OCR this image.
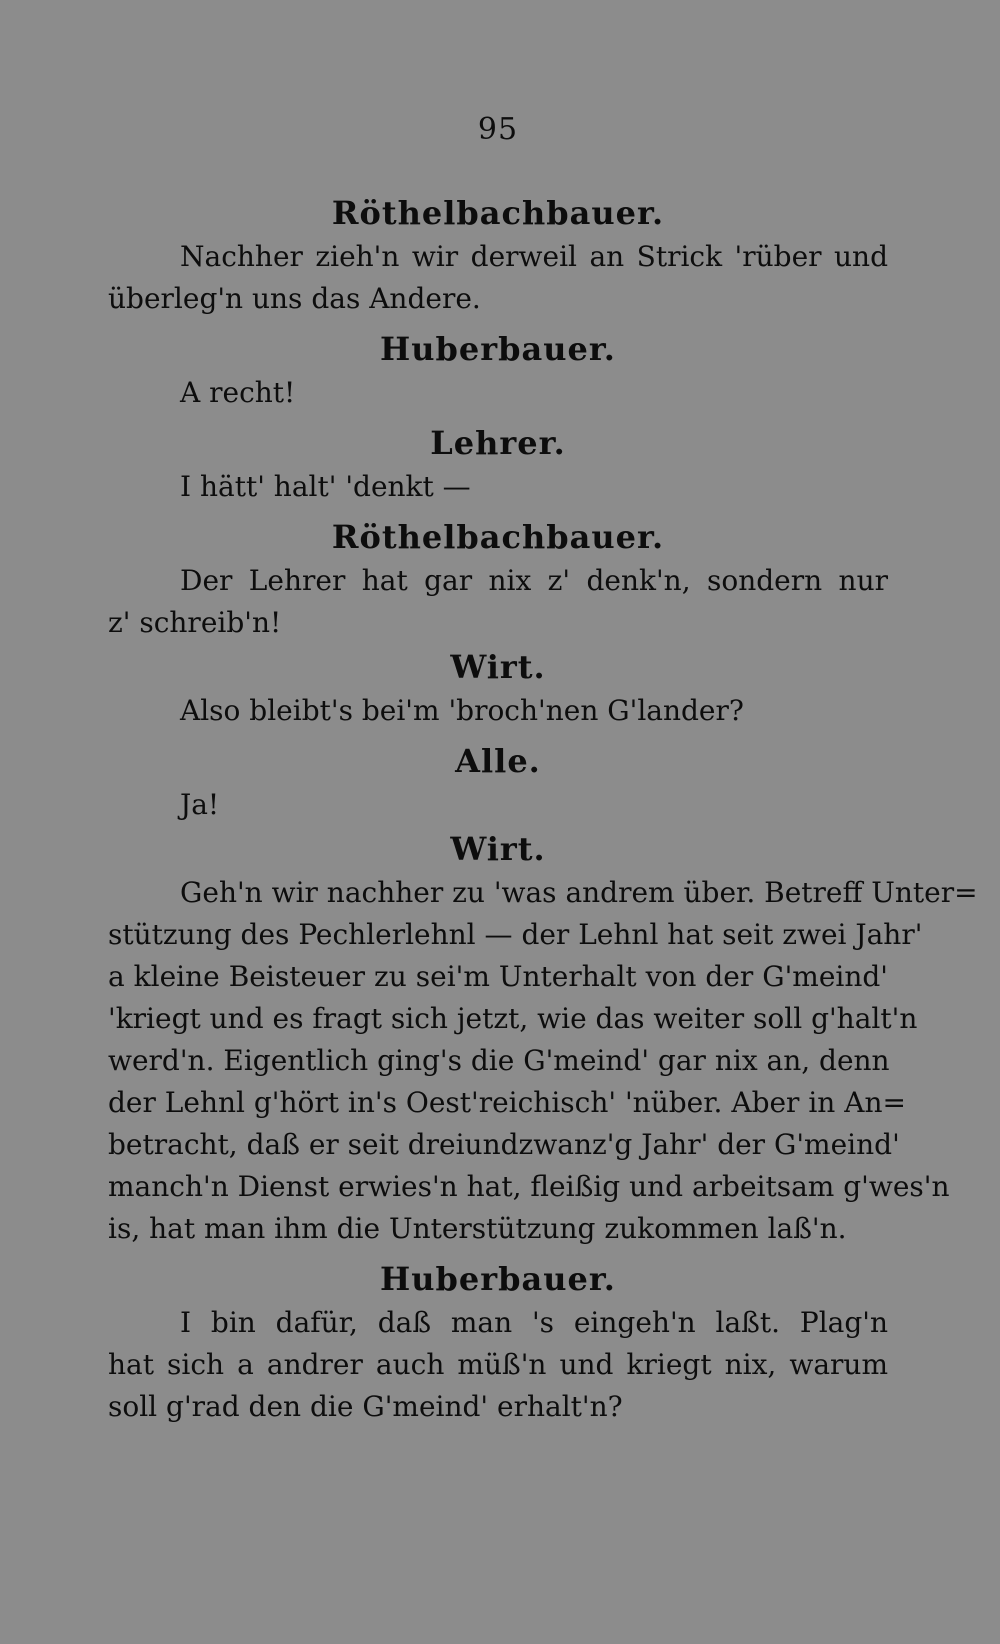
95
Röthelbachbauer.
Nachher zieh'n wir derweil an Strick 'rüber und
überleg'n uns das Andere.
Huberbauer.
A recht!
Lehrer.
I hätt' halt' 'denkt —
Röthelbachbauer.
Der Lehrer hat gar nix z' denk'n, sondern nur
z' schreib'n!
Wirt.
Also bleibt's bei'm 'broch'nen G'lander?
Alle.
Ja!
Wirt.
Geh'n wir nachher zu 'was andrem über. Betreff Unter=
stützung des Pechlerlehnl — der Lehnl hat seit zwei Jahr'
a kleine Beisteuer zu sei'm Unterhalt von der G'meind'
'kriegt und es fragt sich jetzt, wie das weiter soll g'halt'n
werd'n. Eigentlich ging's die G'meind' gar nix an, denn
der Lehnl g'hört in's Oest'reichisch' 'nüber. Aber in An=
betracht, daß er seit dreiundzwanz'g Jahr' der G'meind'
manch'n Dienst erwies'n hat, fleißig und arbeitsam g'wes'n
is, hat man ihm die Unterstützung zukommen laß'n.
Huberbauer.
I bin dafür, daß man 's eingeh'n laßt. Plag'n
hat sich a andrer auch müß'n und kriegt nix, warum
soll g'rad den die G'meind' erhalt'n?
